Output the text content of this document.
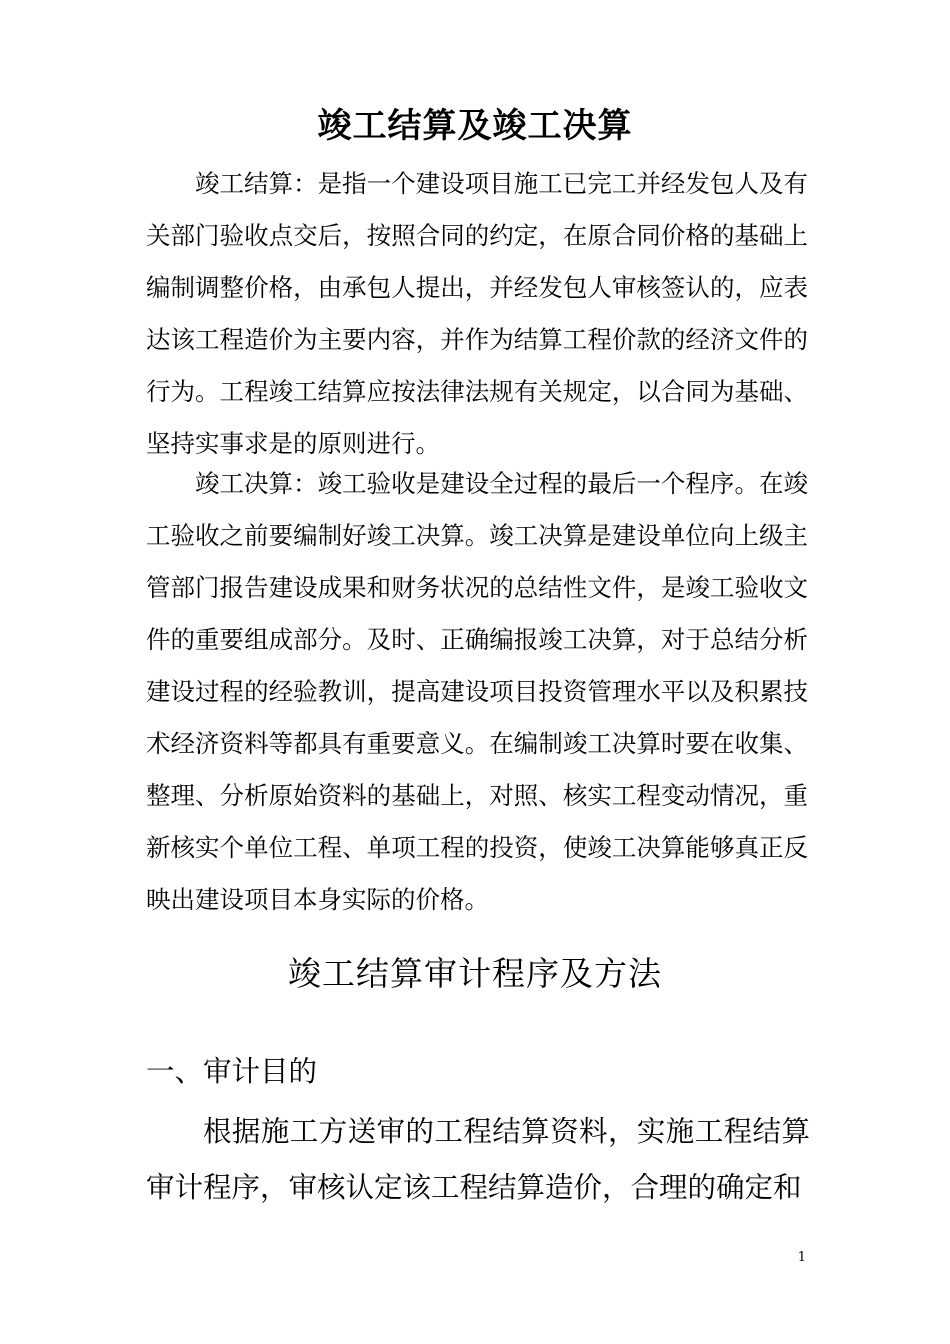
竣工结算及竣工决算

竣工结算：是指一个建设项目施工已完工并经发包人及有关部门验收点交后，按照合同的约定，在原合同价格的基础上编制调整价格，由承包人提出，并经发包人审核签认的，应表达该工程造价为主要内容，并作为结算工程价款的经济文件的行为。工程竣工结算应按法律法规有关规定，以合同为基础、坚持实事求是的原则进行。

竣工决算：竣工验收是建设全过程的最后一个程序。在竣工验收之前要编制好竣工决算。竣工决算是建设单位向上级主管部门报告建设成果和财务状况的总结性文件，是竣工验收文件的重要组成部分。及时、正确编报竣工决算，对于总结分析建设过程的经验教训，提高建设项目投资管理水平以及积累技术经济资料等都具有重要意义。在编制竣工决算时要在收集、整理、分析原始资料的基础上，对照、核实工程变动情况，重新核实个单位工程、单项工程的投资，使竣工决算能够真正反映出建设项目本身实际的价格。

竣工结算审计程序及方法
一、审计目的

根据施工方送审的工程结算资料，实施工程结算审计程序，审核认定该工程结算造价，合理的确定和

1
